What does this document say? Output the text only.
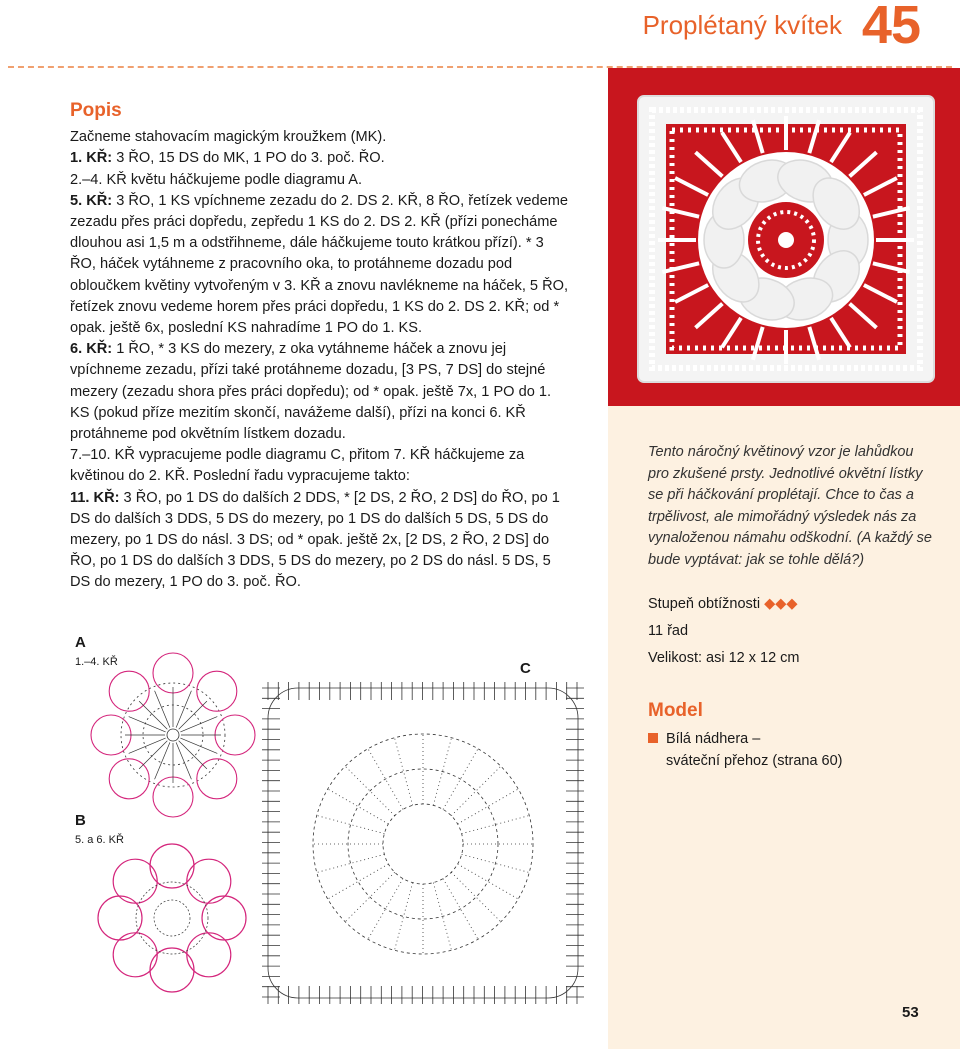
Proplétaný kvítek 45
Popis

Začneme stahovacím magickým kroužkem (MK).

1. KŘ: 3 ŘO, 15 DS do MK, 1 PO do 3. poč. ŘO.

2.–4. KŘ květu háčkujeme podle diagramu A.

5. KŘ: 3 ŘO, 1 KS vpíchneme zezadu do 2. DS 2. KŘ, 8 ŘO, řetízek vedeme zezadu přes práci dopředu, zepředu 1 KS do 2. DS 2. KŘ (přízi ponecháme dlouhou asi 1,5 m a odstřihneme, dále háčkujeme touto krátkou přízí). * 3 ŘO, háček vytáhneme z pracovního oka, to protáhneme dozadu pod obloučkem květiny vytvořeným v 3. KŘ a znovu navlékneme na háček, 5 ŘO, řetízek znovu vedeme horem přes práci dopředu, 1 KS do 2. DS 2. KŘ; od * opak. ještě 6x, poslední KS nahradíme 1 PO do 1. KS.

6. KŘ: 1 ŘO, * 3 KS do mezery, z oka vytáhneme háček a znovu jej vpíchneme zezadu, přízi také protáhneme dozadu, [3 PS, 7 DS] do stejné mezery (zezadu shora přes práci dopředu); od * opak. ještě 7x, 1 PO do 1. KS (pokud příze mezitím skončí, navážeme další), přízi na konci 6. KŘ protáhneme pod okvětním lístkem dozadu.

7.–10. KŘ vypracujeme podle diagramu C, přitom 7. KŘ háčkujeme za květinou do 2. KŘ. Poslední řadu vypracujeme takto:

11. KŘ: 3 ŘO, po 1 DS do dalších 2 DDS, * [2 DS, 2 ŘO, 2 DS] do ŘO, po 1 DS do dalších 3 DDS, 5 DS do mezery, po 1 DS do dalších 5 DS, 5 DS do mezery, po 1 DS do násl. 3 DS; od * opak. ještě 2x, [2 DS, 2 ŘO, 2 DS] do ŘO, po 1 DS do dalších 3 DDS, 5 DS do mezery, po 2 DS do násl. 5 DS, 5 DS do mezery, 1 PO do 3. poč. ŘO.

A
1.–4. KŘ
B
5. a 6. KŘ
C
Tento náročný květinový vzor je lahůdkou pro zkušené prsty. Jednotlivé okvětní lístky se při háčkování proplétají. Chce to čas a trpělivost, ale mimořádný výsledek nás za vynaloženou námahu odškodní. (A každý se bude vyptávat: jak se tohle dělá?)
Stupeň obtížnosti ◆◆◆
11 řad
Velikost: asi 12 x 12 cm
Model
Bílá nádhera –
sváteční přehoz (strana 60)
53
